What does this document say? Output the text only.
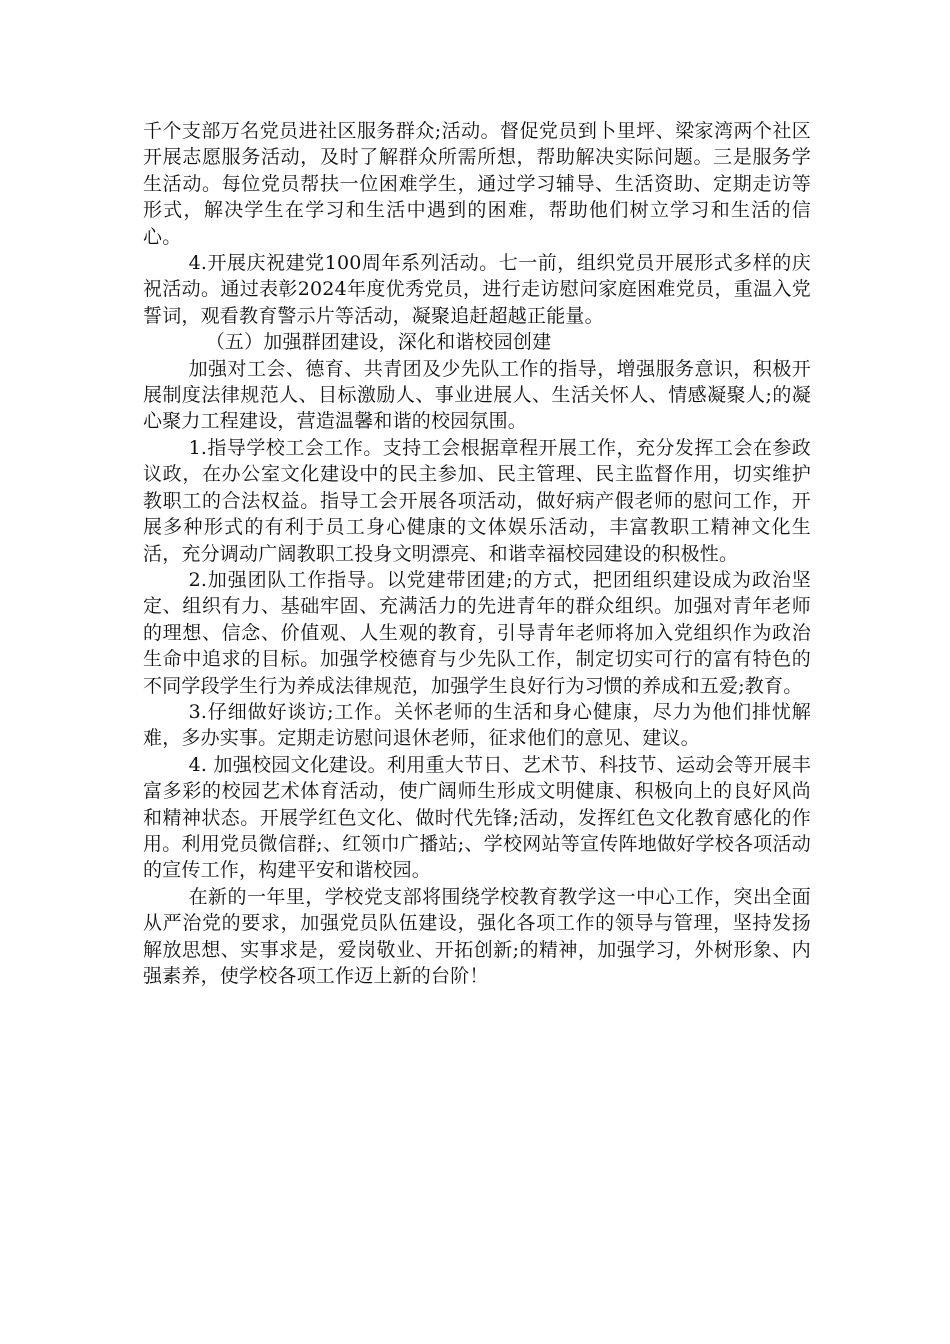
千个支部万名党员进社区服务群众;活动。督促党员到卜里坪、梁家湾两个社区开展志愿服务活动，及时了解群众所需所想，帮助解决实际问题。三是服务学生活动。每位党员帮扶一位困难学生，通过学习辅导、生活资助、定期走访等形式，解决学生在学习和生活中遇到的困难，帮助他们树立学习和生活的信心。

4.开展庆祝建党100周年系列活动。七一前，组织党员开展形式多样的庆祝活动。通过表彰2024年度优秀党员，进行走访慰问家庭困难党员，重温入党誓词，观看教育警示片等活动，凝聚追赶超越正能量。

（五）加强群团建设，深化和谐校园创建

加强对工会、德育、共青团及少先队工作的指导，增强服务意识，积极开展制度法律规范人、目标激励人、事业进展人、生活关怀人、情感凝聚人;的凝心聚力工程建设，营造温馨和谐的校园氛围。

1.指导学校工会工作。支持工会根据章程开展工作，充分发挥工会在参政议政，在办公室文化建设中的民主参加、民主管理、民主监督作用，切实维护教职工的合法权益。指导工会开展各项活动，做好病产假老师的慰问工作，开展多种形式的有利于员工身心健康的文体娱乐活动，丰富教职工精神文化生活，充分调动广阔教职工投身文明漂亮、和谐幸福校园建设的积极性。

2.加强团队工作指导。以党建带团建;的方式，把团组织建设成为政治坚定、组织有力、基础牢固、充满活力的先进青年的群众组织。加强对青年老师的理想、信念、价值观、人生观的教育，引导青年老师将加入党组织作为政治生命中追求的目标。加强学校德育与少先队工作，制定切实可行的富有特色的不同学段学生行为养成法律规范，加强学生良好行为习惯的养成和五爱;教育。

3.仔细做好谈访;工作。关怀老师的生活和身心健康，尽力为他们排忧解难，多办实事。定期走访慰问退休老师，征求他们的意见、建议。

4. 加强校园文化建设。利用重大节日、艺术节、科技节、运动会等开展丰富多彩的校园艺术体育活动，使广阔师生形成文明健康、积极向上的良好风尚和精神状态。开展学红色文化、做时代先锋;活动，发挥红色文化教育感化的作用。利用党员微信群;、红领巾广播站;、学校网站等宣传阵地做好学校各项活动的宣传工作，构建平安和谐校园。

在新的一年里，学校党支部将围绕学校教育教学这一中心工作，突出全面从严治党的要求，加强党员队伍建设，强化各项工作的领导与管理，坚持发扬解放思想、实事求是，爱岗敬业、开拓创新;的精神，加强学习，外树形象、内强素养，使学校各项工作迈上新的台阶！
